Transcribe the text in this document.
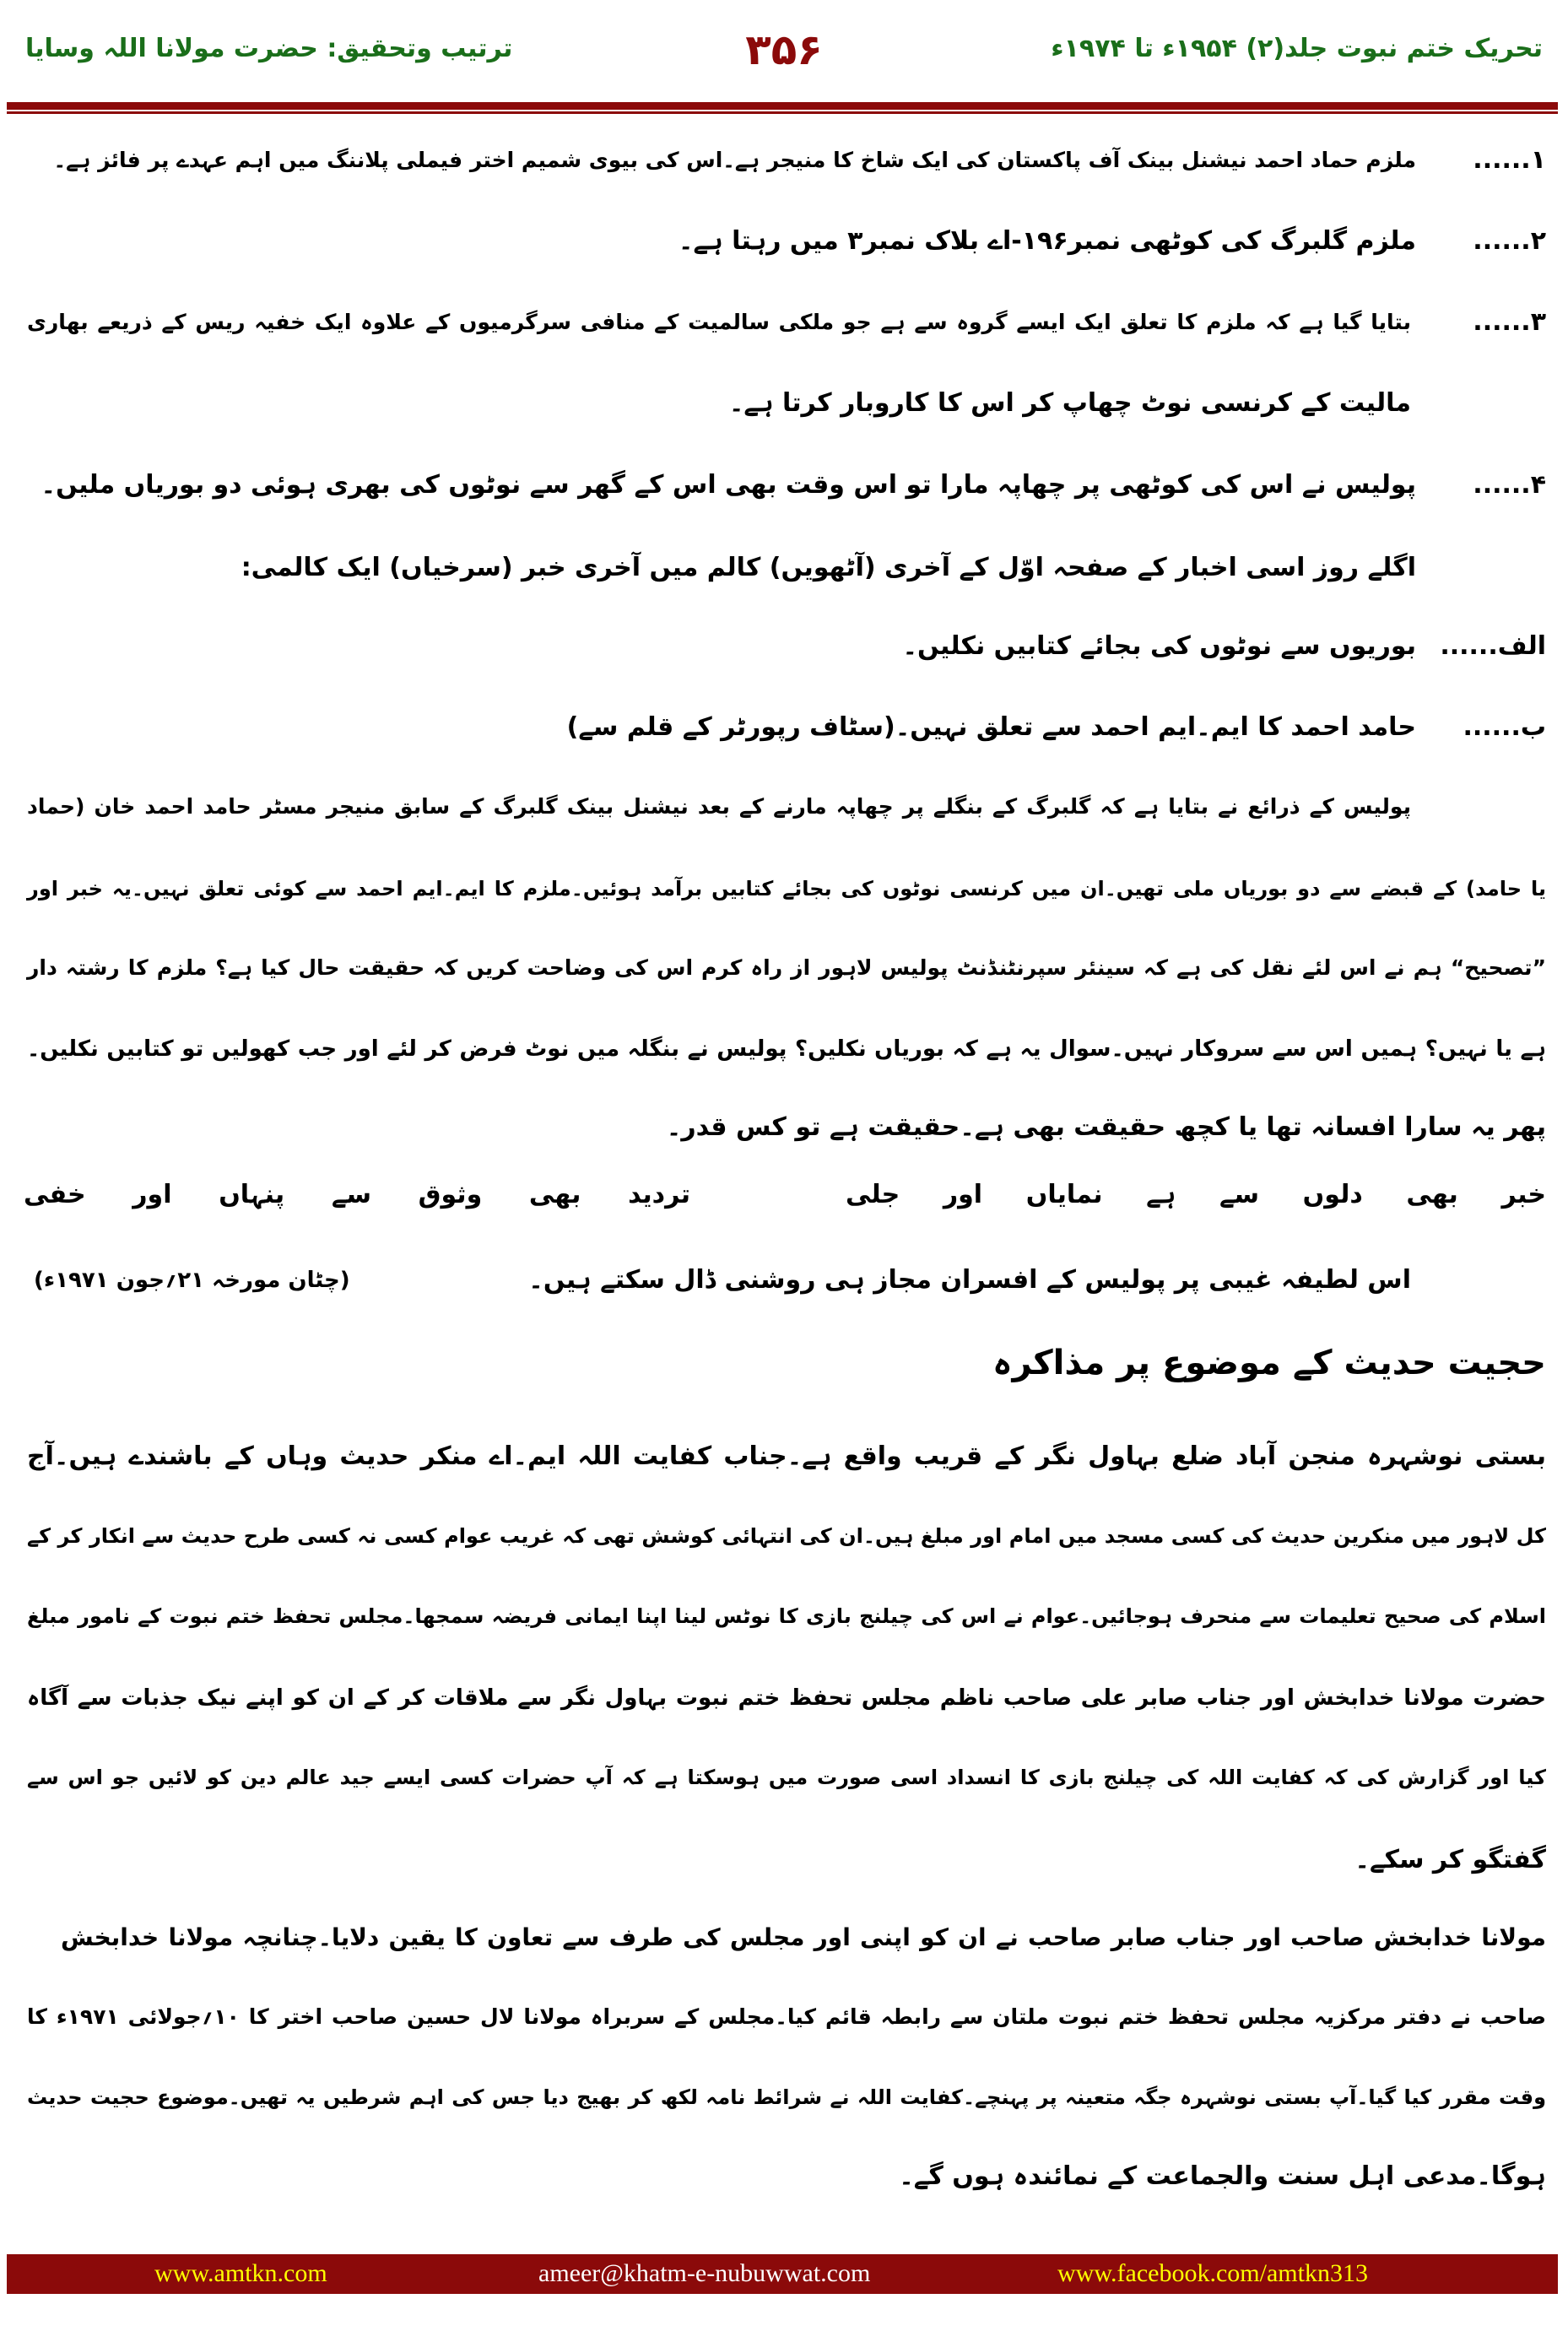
تحریک ختم نبوت جلد(۲) ۱۹۵۴ء تا ۱۹۷۴ء
۳۵۶
ترتیب وتحقیق: حضرت مولانا اللہ وسایا
۱......
ملزم حماد احمد نیشنل بینک آف پاکستان کی ایک شاخ کا منیجر ہے۔اس کی بیوی شمیم اختر فیملی پلاننگ میں اہم عہدے پر فائز ہے۔
۲......
ملزم گلبرگ کی کوٹھی نمبر۱۹۶-اے بلاک نمبر۳ میں رہتا ہے۔
۳......
بتایا گیا ہے کہ ملزم کا تعلق ایک ایسے گروہ سے ہے جو ملکی سالمیت کے منافی سرگرمیوں کے علاوہ ایک خفیہ ریس کے ذریعے بھاری
مالیت کے کرنسی نوٹ چھاپ کر اس کا کاروبار کرتا ہے۔
۴......
پولیس نے اس کی کوٹھی پر چھاپہ مارا تو اس وقت بھی اس کے گھر سے نوٹوں کی بھری ہوئی دو بوریاں ملیں۔
اگلے روز اسی اخبار کے صفحہ اوّل کے آخری (آٹھویں) کالم میں آخری خبر (سرخیاں) ایک کالمی:
الف......
بوریوں سے نوٹوں کی بجائے کتابیں نکلیں۔
ب......
حامد احمد کا ایم۔ایم احمد سے تعلق نہیں۔(سٹاف رپورٹر کے قلم سے)
پولیس کے ذرائع نے بتایا ہے کہ گلبرگ کے بنگلے پر چھاپہ مارنے کے بعد نیشنل بینک گلبرگ کے سابق منیجر مسٹر حامد احمد خان (حماد
یا حامد) کے قبضے سے دو بوریاں ملی تھیں۔ان میں کرنسی نوٹوں کی بجائے کتابیں برآمد ہوئیں۔ملزم کا ایم۔ایم احمد سے کوئی تعلق نہیں۔یہ خبر اور
”تصحیح“ ہم نے اس لئے نقل کی ہے کہ سینئر سپرنٹنڈنٹ پولیس لاہور از راہ کرم اس کی وضاحت کریں کہ حقیقت حال کیا ہے؟ ملزم کا رشتہ دار
ہے یا نہیں؟ ہمیں اس سے سروکار نہیں۔سوال یہ ہے کہ بوریاں نکلیں؟ پولیس نے بنگلہ میں نوٹ فرض کر لئے اور جب کھولیں تو کتابیں نکلیں۔
پھر یہ سارا افسانہ تھا یا کچھ حقیقت بھی ہے۔حقیقت ہے تو کس قدر۔
خبر بھی دلوں سے ہے نمایاں اور جلی
تردید بھی وثوق سے پنہاں اور خفی
اس لطیفہ غیبی پر پولیس کے افسران مجاز ہی روشنی ڈال سکتے ہیں۔
(چٹان مورخہ ۲۱؍جون ۱۹۷۱ء)
حجیت حدیث کے موضوع پر مذاکرہ
بستی نوشہرہ منجن آباد ضلع بہاول نگر کے قریب واقع ہے۔جناب کفایت اللہ ایم۔اے منکر حدیث وہاں کے باشندے ہیں۔آج
کل لاہور میں منکرین حدیث کی کسی مسجد میں امام اور مبلغ ہیں۔ان کی انتہائی کوشش تھی کہ غریب عوام کسی نہ کسی طرح حدیث سے انکار کر کے
اسلام کی صحیح تعلیمات سے منحرف ہوجائیں۔عوام نے اس کی چیلنج بازی کا نوٹس لینا اپنا ایمانی فریضہ سمجھا۔مجلس تحفظ ختم نبوت کے نامور مبلغ
حضرت مولانا خدابخش اور جناب صابر علی صاحب ناظم مجلس تحفظ ختم نبوت بہاول نگر سے ملاقات کر کے ان کو اپنے نیک جذبات سے آگاہ
کیا اور گزارش کی کہ کفایت اللہ کی چیلنج بازی کا انسداد اسی صورت میں ہوسکتا ہے کہ آپ حضرات کسی ایسے جید عالم دین کو لائیں جو اس سے
گفتگو کر سکے۔
مولانا خدابخش صاحب اور جناب صابر صاحب نے ان کو اپنی اور مجلس کی طرف سے تعاون کا یقین دلایا۔چنانچہ مولانا خدابخش
صاحب نے دفتر مرکزیہ مجلس تحفظ ختم نبوت ملتان سے رابطہ قائم کیا۔مجلس کے سربراہ مولانا لال حسین صاحب اختر کا ۱۰؍جولائی ۱۹۷۱ء کا
وقت مقرر کیا گیا۔آپ بستی نوشہرہ جگہ متعینہ پر پہنچے۔کفایت اللہ نے شرائط نامہ لکھ کر بھیج دیا جس کی اہم شرطیں یہ تھیں۔موضوع حجیت حدیث
ہوگا۔مدعی اہل سنت والجماعت کے نمائندہ ہوں گے۔
www.amtkn.com	ameer@khatm-e-nubuwwat.com	www.facebook.com/amtkn313
